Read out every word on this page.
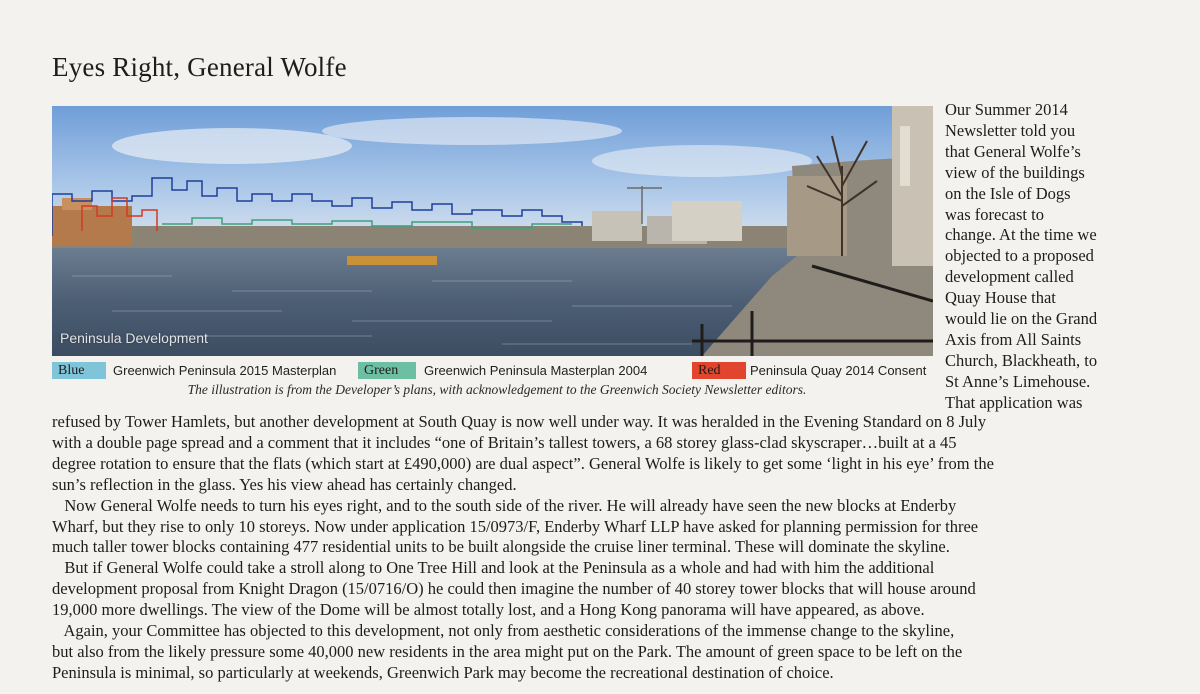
Eyes Right, General Wolfe
Peninsula Development
Blue	Greenwich Peninsula 2015 Masterplan	Green	Greenwich Peninsula Masterplan 2004	Red	Peninsula Quay 2014 Consent
The illustration is from the Developer’s plans, with acknowledgement to the Greenwich Society Newsletter editors.
Our Summer 2014
Newsletter told you
that General Wolfe’s
view of the buildings
on the Isle of Dogs
was forecast to
change. At the time we
objected to a proposed
development called
Quay House that
would lie on the Grand
Axis from All Saints
Church, Blackheath, to
St Anne’s Limehouse.
That application was
refused by Tower Hamlets, but another development at South Quay is now well under way. It was heralded in the Evening Standard on 8 July
with a double page spread and a comment that it includes “one of Britain’s tallest towers, a 68 storey glass-clad skyscraper…built at a 45
degree rotation to ensure that the flats (which start at £490,000) are dual aspect”. General Wolfe is likely to get some ‘light in his eye’ from the
sun’s reflection in the glass. Yes his view ahead has certainly changed.
Now General Wolfe needs to turn his eyes right, and to the south side of the river. He will already have seen the new blocks at Enderby
Wharf, but they rise to only 10 storeys. Now under application 15/0973/F, Enderby Wharf LLP have asked for planning permission for three
much taller tower blocks containing 477 residential units to be built alongside the cruise liner terminal. These will dominate the skyline.
But if General Wolfe could take a stroll along to One Tree Hill and look at the Peninsula as a whole and had with him the additional
development proposal from Knight Dragon (15/0716/O) he could then imagine the number of 40 storey tower blocks that will house around
19,000 more dwellings. The view of the Dome will be almost totally lost, and a Hong Kong panorama will have appeared, as above.
Again, your Committee has objected to this development, not only from aesthetic considerations of the immense change to the skyline,
but also from the likely pressure some 40,000 new residents in the area might put on the Park. The amount of green space to be left on the
Peninsula is minimal, so particularly at weekends, Greenwich Park may become the recreational destination of choice.
